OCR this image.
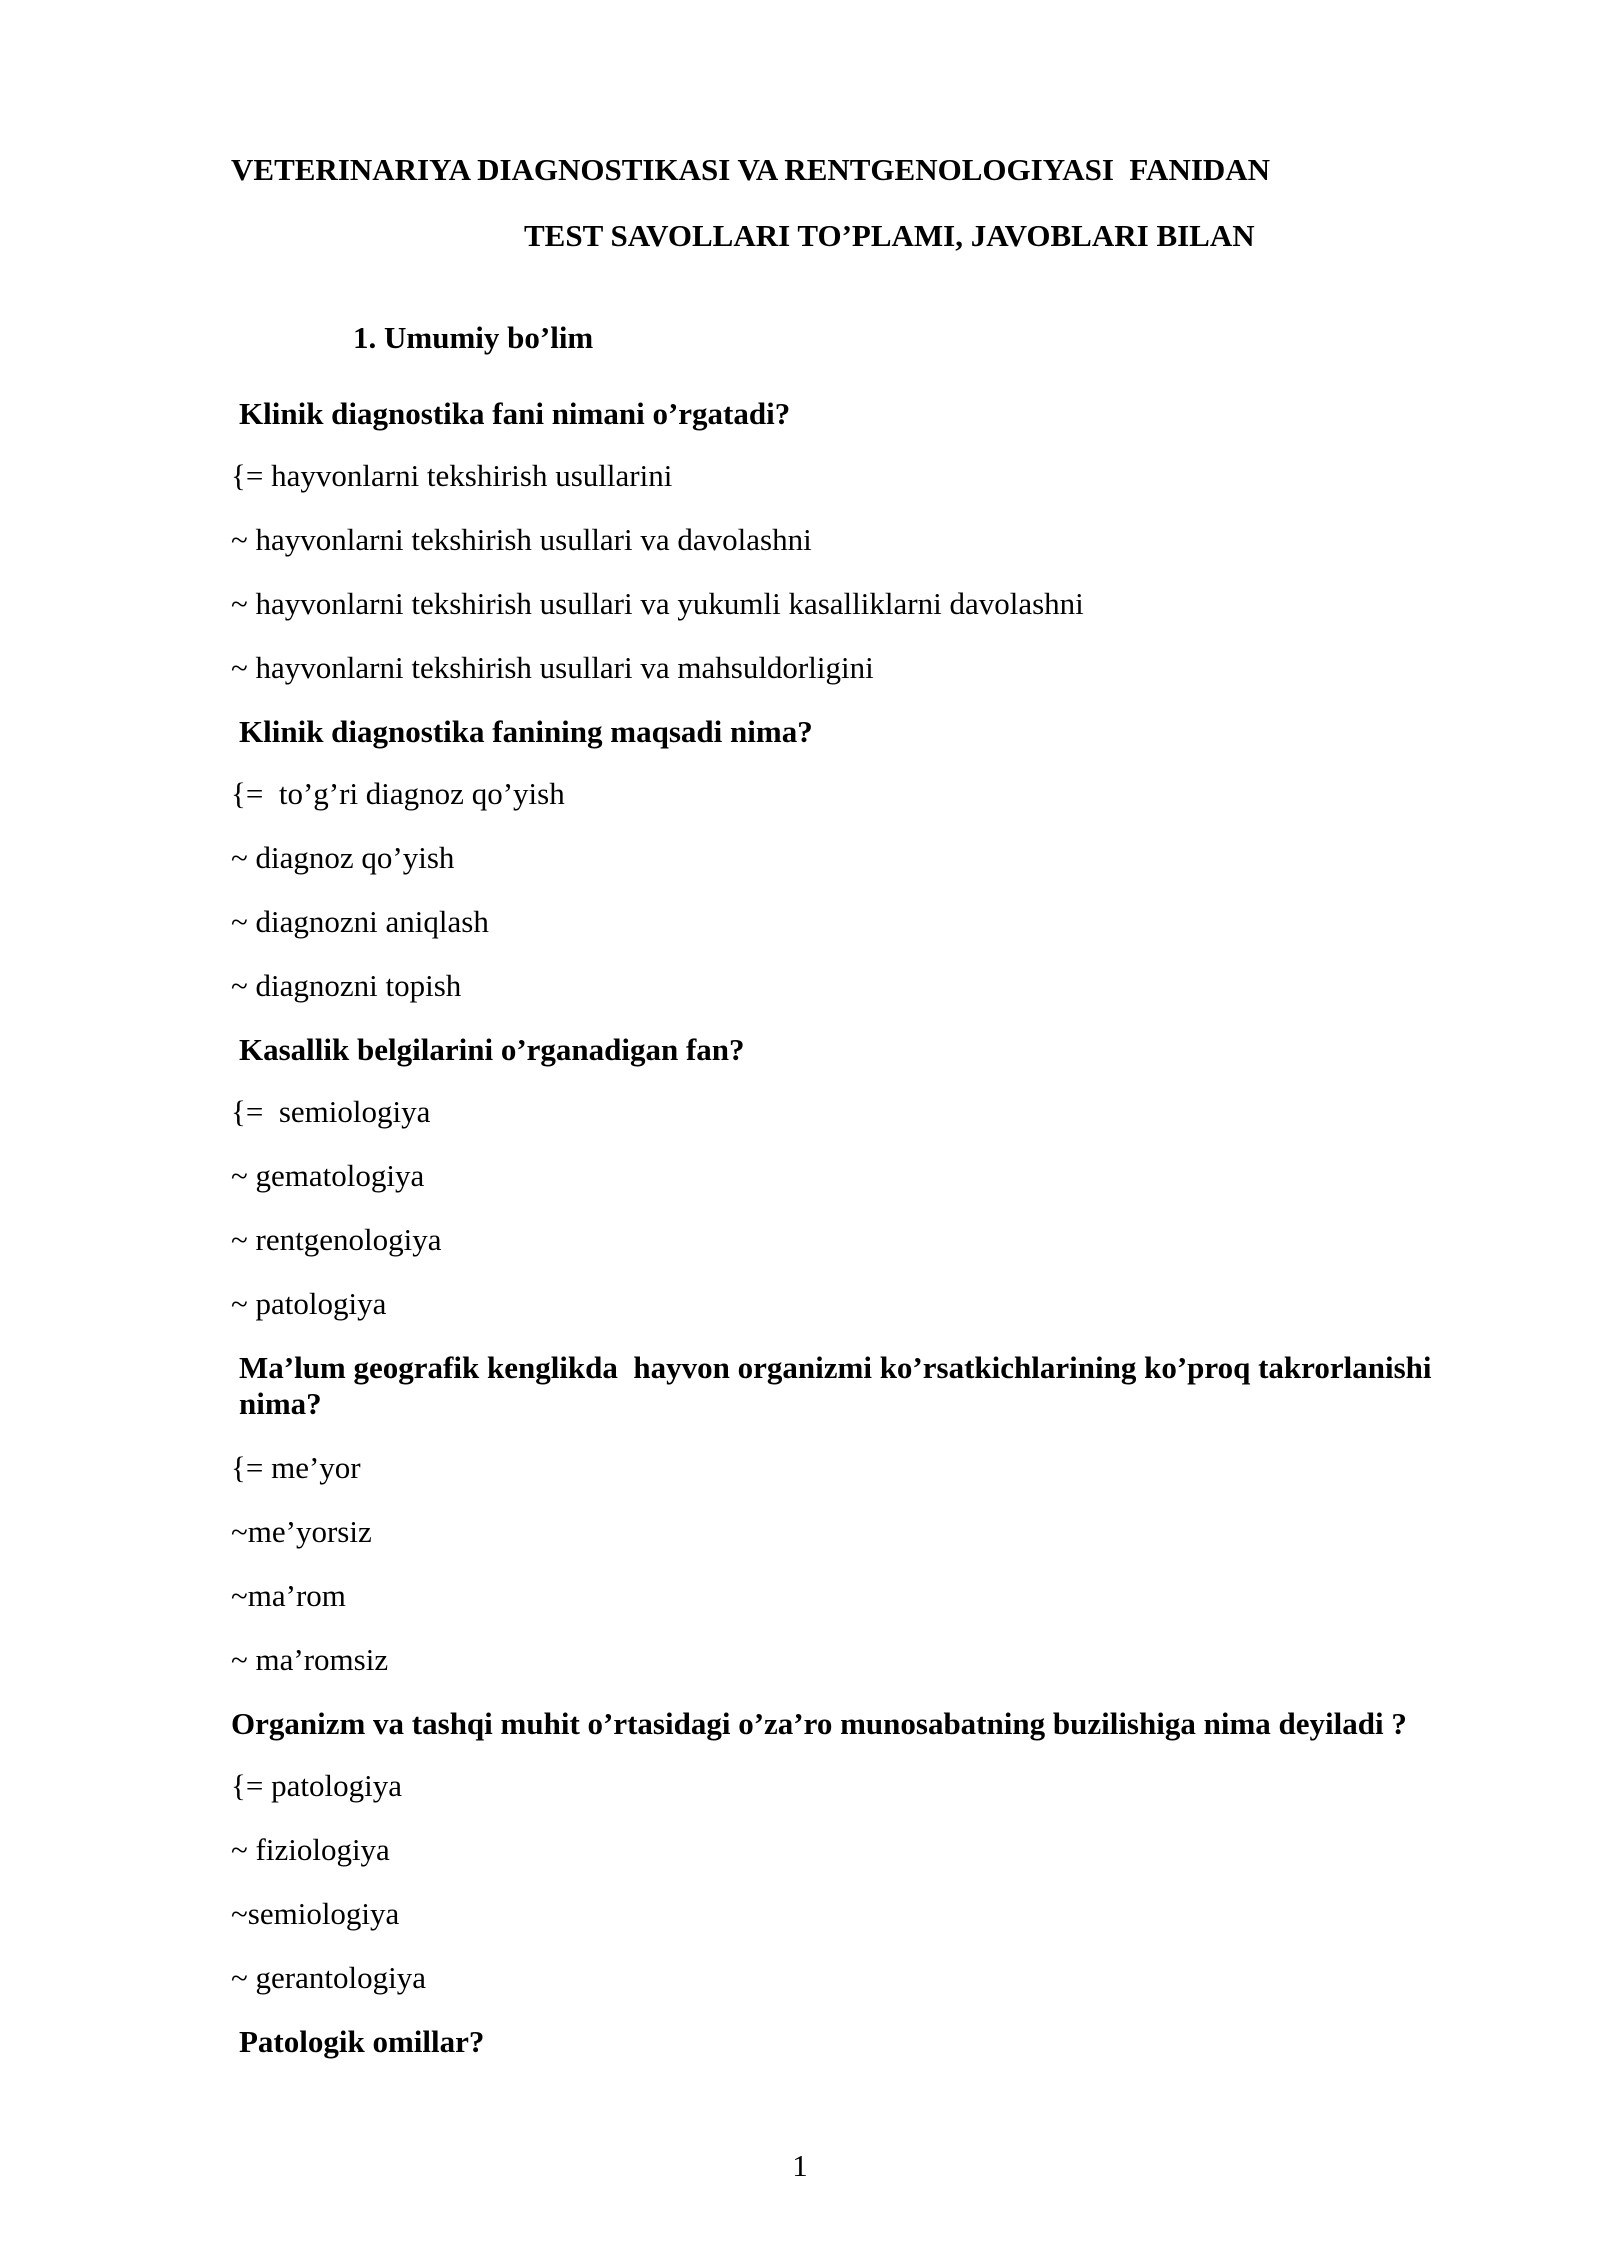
VETERINARIYA DIAGNOSTIKASI VA RENTGENOLOGIYASI  FANIDAN
TEST SAVOLLARI TO’PLAMI, JAVOBLARI BILAN
1. Umumiy bo’lim
Klinik diagnostika fani nimani o’rgatadi?
{= hayvonlarni tekshirish usullarini
~ hayvonlarni tekshirish usullari va davolashni
~ hayvonlarni tekshirish usullari va yukumli kasalliklarni davolashni
~ hayvonlarni tekshirish usullari va mahsuldorligini
Klinik diagnostika fanining maqsadi nima?
{=  to’g’ri diagnoz qo’yish
~ diagnoz qo’yish
~ diagnozni aniqlash
~ diagnozni topish
Kasallik belgilarini o’rganadigan fan?
{=  semiologiya
~ gematologiya
~ rentgenologiya
~ patologiya
Ma’lum geografik kenglikda  hayvon organizmi ko’rsatkichlarining ko’proq takrorlanishi nima?
{= me’yor
~me’yorsiz
~ma’rom
~ ma’romsiz
Organizm va tashqi muhit o’rtasidagi o’za’ro munosabatning buzilishiga nima deyiladi ?
{= patologiya
~ fiziologiya
~semiologiya
~ gerantologiya
Patologik omillar?
1
